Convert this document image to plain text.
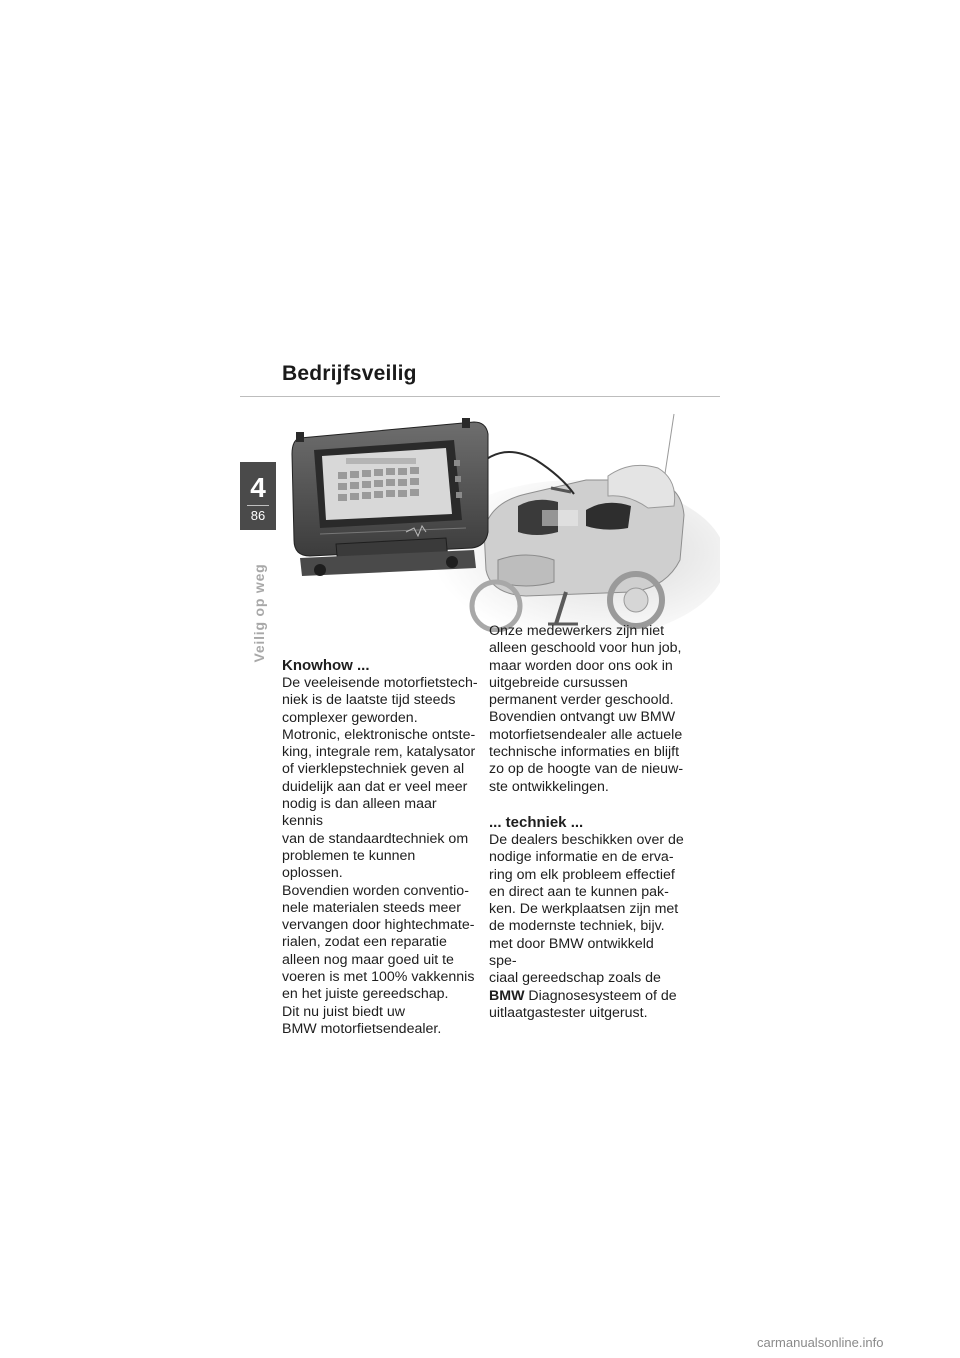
Bedrijfsveilig
4
86
Veilig op weg

Knowhow ...

De veeleisende motorfietstech-
niek is de laatste tijd steeds
complexer geworden.
Motronic, elektronische ontste-
king, integrale rem, katalysator
of vierklepstechniek geven al
duidelijk aan dat er veel meer
nodig is dan alleen maar kennis
van de standaardtechniek om
problemen te kunnen oplossen.
Bovendien worden conventio-
nele materialen steeds meer
vervangen door hightechmate-
rialen, zodat een reparatie
alleen nog maar goed uit te
voeren is met 100% vakkennis
en het juiste gereedschap.
Dit nu juist biedt uw
BMW motorfietsendealer.

Onze medewerkers zijn niet
alleen geschoold voor hun job,
maar worden door ons ook in
uitgebreide cursussen
permanent verder geschoold.
Bovendien ontvangt uw BMW
motorfietsendealer alle actuele
technische informaties en blijft
zo op de hoogte van de nieuw-
ste ontwikkelingen.

... techniek ...

De dealers beschikken over de
nodige informatie en de erva-
ring om elk probleem effectief
en direct aan te kunnen pak-
ken. De werkplaatsen zijn met
de modernste techniek, bijv.
met door BMW ontwikkeld spe-
ciaal gereedschap zoals de
BMW Diagnosesysteem of de
uitlaatgastester uitgerust.

carmanualsonline.info
